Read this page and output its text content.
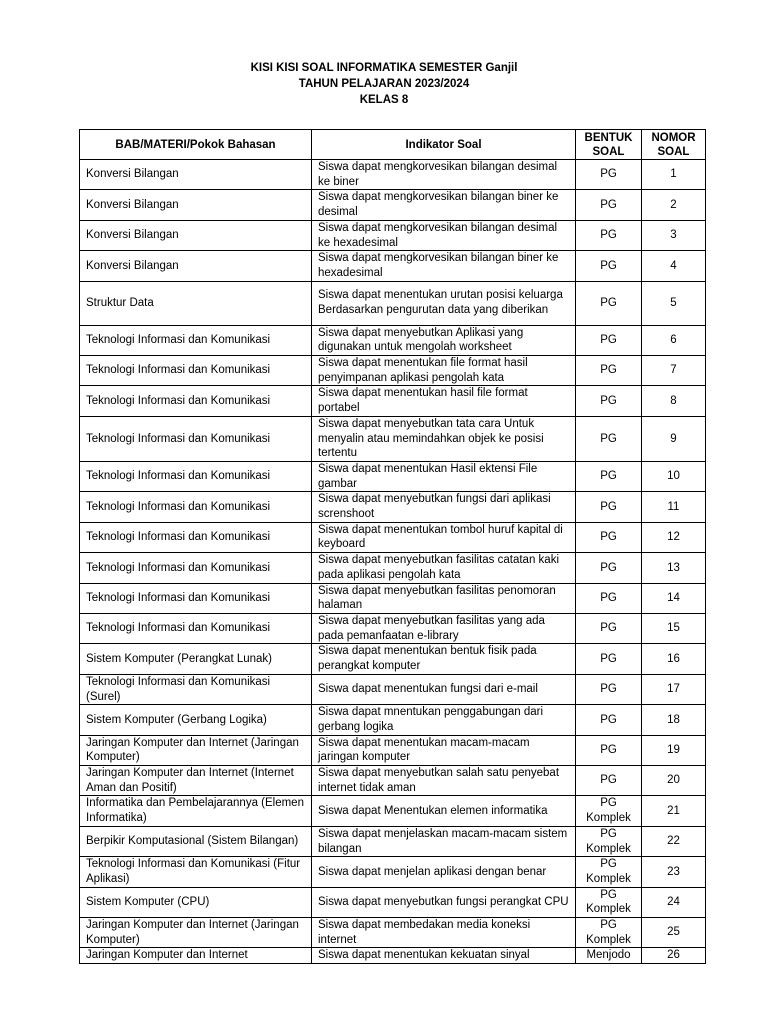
KISI KISI SOAL INFORMATIKA SEMESTER Ganjil
TAHUN PELAJARAN 2023/2024
KELAS 8
BAB/MATERI/Pokok Bahasan	Indikator Soal	BENTUK SOAL	NOMOR SOAL
Konversi Bilangan	Siswa dapat mengkorvesikan bilangan desimal ke biner	PG	1
Konversi Bilangan	Siswa dapat mengkorvesikan bilangan biner ke desimal	PG	2
Konversi Bilangan	Siswa dapat mengkorvesikan bilangan desimal ke hexadesimal	PG	3
Konversi Bilangan	Siswa dapat mengkorvesikan bilangan biner ke hexadesimal	PG	4
Struktur Data	Siswa dapat menentukan urutan posisi keluarga Berdasarkan pengurutan data yang diberikan	PG	5
Teknologi Informasi dan Komunikasi	Siswa dapat menyebutkan Aplikasi yang digunakan untuk mengolah worksheet	PG	6
Teknologi Informasi dan Komunikasi	Siswa dapat menentukan file format hasil penyimpanan aplikasi pengolah kata	PG	7
Teknologi Informasi dan Komunikasi	Siswa dapat menentukan hasil file format portabel	PG	8
Teknologi Informasi dan Komunikasi	Siswa dapat menyebutkan tata cara Untuk menyalin atau memindahkan objek ke posisi tertentu	PG	9
Teknologi Informasi dan Komunikasi	Siswa dapat menentukan Hasil ektensi File gambar	PG	10
Teknologi Informasi dan Komunikasi	Siswa dapat menyebutkan fungsi dari aplikasi screnshoot	PG	11
Teknologi Informasi dan Komunikasi	Siswa dapat menentukan tombol huruf kapital di keyboard	PG	12
Teknologi Informasi dan Komunikasi	Siswa dapat menyebutkan fasilitas catatan kaki pada aplikasi pengolah kata	PG	13
Teknologi Informasi dan Komunikasi	Siswa dapat menyebutkan fasilitas penomoran halaman	PG	14
Teknologi Informasi dan Komunikasi	Siswa dapat menyebutkan fasilitas yang ada pada pemanfaatan e-library	PG	15
Sistem Komputer (Perangkat Lunak)	Siswa dapat menentukan bentuk fisik pada perangkat komputer	PG	16
Teknologi Informasi dan Komunikasi (Surel)	Siswa dapat menentukan fungsi dari e-mail	PG	17
Sistem Komputer (Gerbang Logika)	Siswa dapat mnentukan penggabungan dari gerbang logika	PG	18
Jaringan Komputer dan Internet (Jaringan Komputer)	Siswa dapat menentukan macam-macam jaringan komputer	PG	19
Jaringan Komputer dan Internet (Internet Aman dan Positif)	Siswa dapat menyebutkan salah satu penyebat internet tidak aman	PG	20
Informatika dan Pembelajarannya (Elemen Informatika)	Siswa dapat Menentukan elemen informatika	PG Komplek	21
Berpikir Komputasional (Sistem Bilangan)	Siswa dapat menjelaskan macam-macam sistem bilangan	PG Komplek	22
Teknologi Informasi dan Komunikasi (Fitur Aplikasi)	Siswa dapat menjelan aplikasi dengan benar	PG Komplek	23
Sistem Komputer (CPU)	Siswa dapat menyebutkan fungsi perangkat CPU	PG Komplek	24
Jaringan Komputer dan Internet (Jaringan Komputer)	Siswa dapat membedakan media koneksi internet	PG Komplek	25
Jaringan Komputer dan Internet	Siswa dapat menentukan kekuatan sinyal	Menjodo	26
